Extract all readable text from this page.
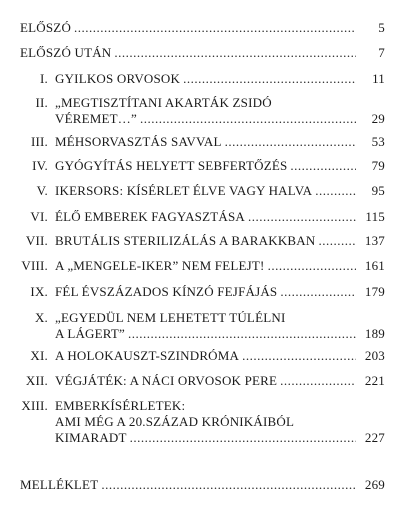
ELŐSZÓ .....	5
ELŐSZÓ UTÁN .....	7
I. GYILKOS ORVOSOK .....	11
II. „MEGTISZTÍTANI AKARTÁK ZSIDÓ
VÉREMET…” .....	29
III. MÉHSORVASZTÁS SAVVAL .....	53
IV. GYÓGYÍTÁS HELYETT SEBFERTŐZÉS .....	79
V. IKERSORS: KÍSÉRLET ÉLVE VAGY HALVA .....	95
VI. ÉLŐ EMBEREK FAGYASZTÁSA .....	115
VII. BRUTÁLIS STERILIZÁLÁS A BARAKKBAN .....	137
VIII. A „MENGELE-IKER” NEM FELEJT! .....	161
IX. FÉL ÉVSZÁZADOS KÍNZÓ FEJFÁJÁS .....	179
X. „EGYEDÜL NEM LEHETETT TÚLÉLNI
A LÁGERT” .....	189
XI. A HOLOKAUSZT-SZINDRÓMA .....	203
XII. VÉGJÁTÉK: A NÁCI ORVOSOK PERE .....	221
XIII. EMBERKÍSÉRLETEK:
AMI MÉG A 20.SZÁZAD KRÓNIKÁIBÓL
KIMARADT .....	227
MELLÉKLET .....	269
